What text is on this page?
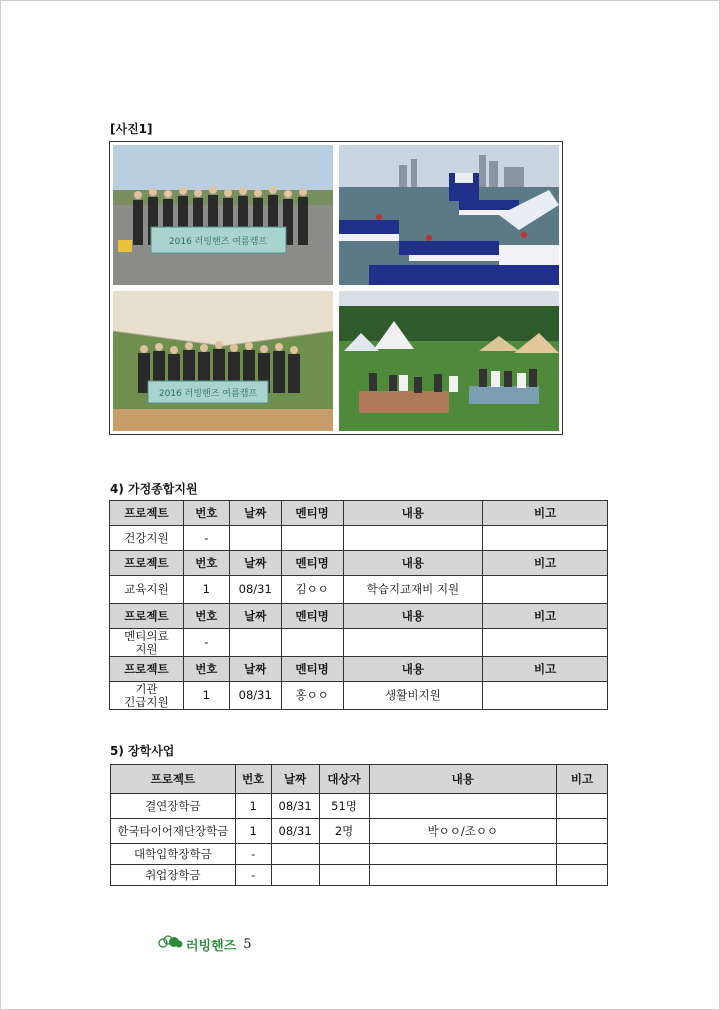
[사진1]
2016 러빙핸즈 여름캠프
2016 러빙핸즈 여름캠프
4) 가정종합지원
프로젝트	번호	날짜	멘티명	내용	비고
건강지원	-				
프로젝트	번호	날짜	멘티명	내용	비고
교육지원	1	08/31	김ㅇㅇ	학습지교재비 지원	
프로젝트	번호	날짜	멘티명	내용	비고
멘티의료
지원	-				
프로젝트	번호	날짜	멘티명	내용	비고
기관
긴급지원	1	08/31	홍ㅇㅇ	생활비지원	
5) 장학사업
프로젝트	번호	날짜	대상자	내용	비고
결연장학금	1	08/31	51명		
한국타이어재단장학금	1	08/31	2명	박ㅇㅇ/조ㅇㅇ	
대학입학장학금	-				
취업장학금	-				
러빙핸즈 5
